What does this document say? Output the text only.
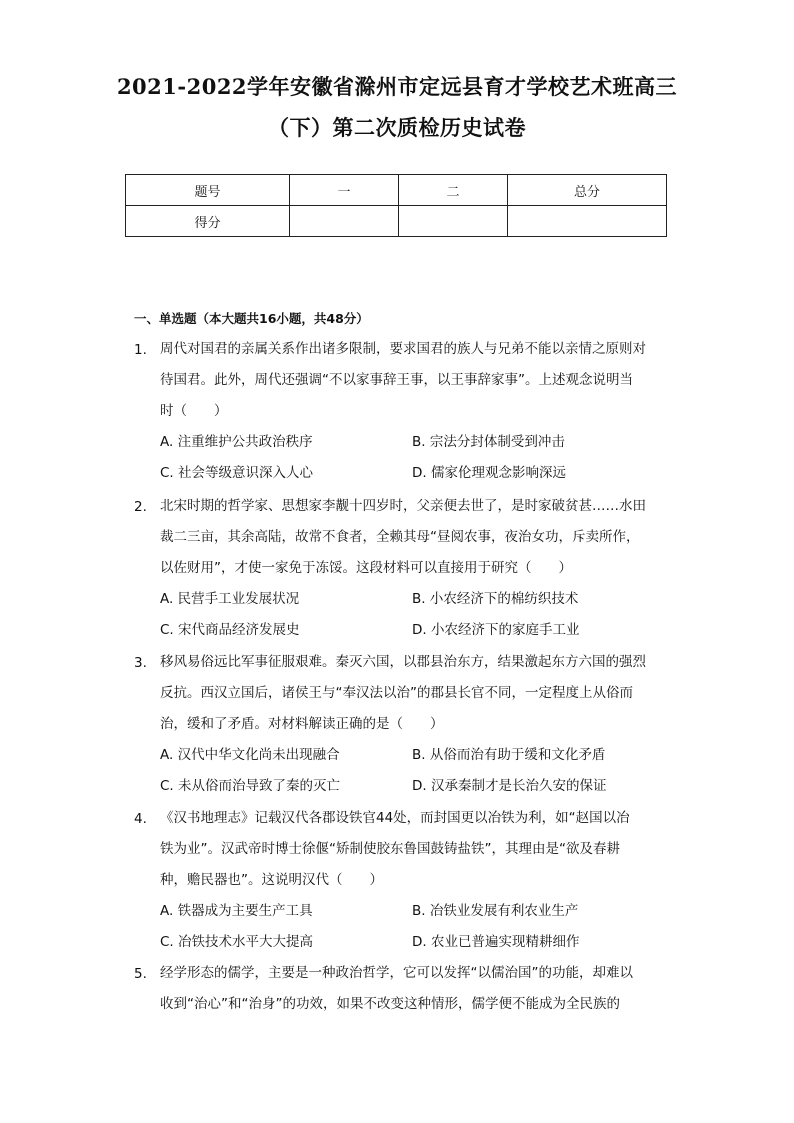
2021-2022学年安徽省滁州市定远县育才学校艺术班高三
（下）第二次质检历史试卷
题号	一	二	总分
得分			
一、单选题（本大题共16小题，共48分）
1. 周代对国君的亲属关系作出诸多限制，要求国君的族人与兄弟不能以亲情之原则对
待国君。此外，周代还强调“不以家事辞王事，以王事辞家事”。上述观念说明当
时（　　）
A. 注重维护公共政治秩序	B. 宗法分封体制受到冲击
C. 社会等级意识深入人心	D. 儒家伦理观念影响深远
2. 北宋时期的哲学家、思想家李觏十四岁时，父亲便去世了，是时家破贫甚……水田
裁二三亩，其余高陆，故常不食者，全赖其母“昼阅农事，夜治女功，斥卖所作，
以佐财用”，才使一家免于冻馁。这段材料可以直接用于研究（　　）
A. 民营手工业发展状况	B. 小农经济下的棉纺织技术
C. 宋代商品经济发展史	D. 小农经济下的家庭手工业
3. 移风易俗远比军事征服艰难。秦灭六国，以郡县治东方，结果激起东方六国的强烈
反抗。西汉立国后，诸侯王与“奉汉法以治”的郡县长官不同，一定程度上从俗而
治，缓和了矛盾。对材料解读正确的是（　　）
A. 汉代中华文化尚未出现融合	B. 从俗而治有助于缓和文化矛盾
C. 未从俗而治导致了秦的灭亡	D. 汉承秦制才是长治久安的保证
4. 《汉书地理志》记载汉代各郡设铁官44处，而封国更以冶铁为利，如“赵国以冶
铁为业”。汉武帝时博士徐偃“矫制使胶东鲁国鼓铸盐铁”，其理由是“欲及春耕
种，赡民器也”。这说明汉代（　　）
A. 铁器成为主要生产工具	B. 冶铁业发展有利农业生产
C. 冶铁技术水平大大提高	D. 农业已普遍实现精耕细作
5. 经学形态的儒学，主要是一种政治哲学，它可以发挥“以儒治国”的功能，却难以
收到“治心”和“治身”的功效，如果不改变这种情形，儒学便不能成为全民族的
